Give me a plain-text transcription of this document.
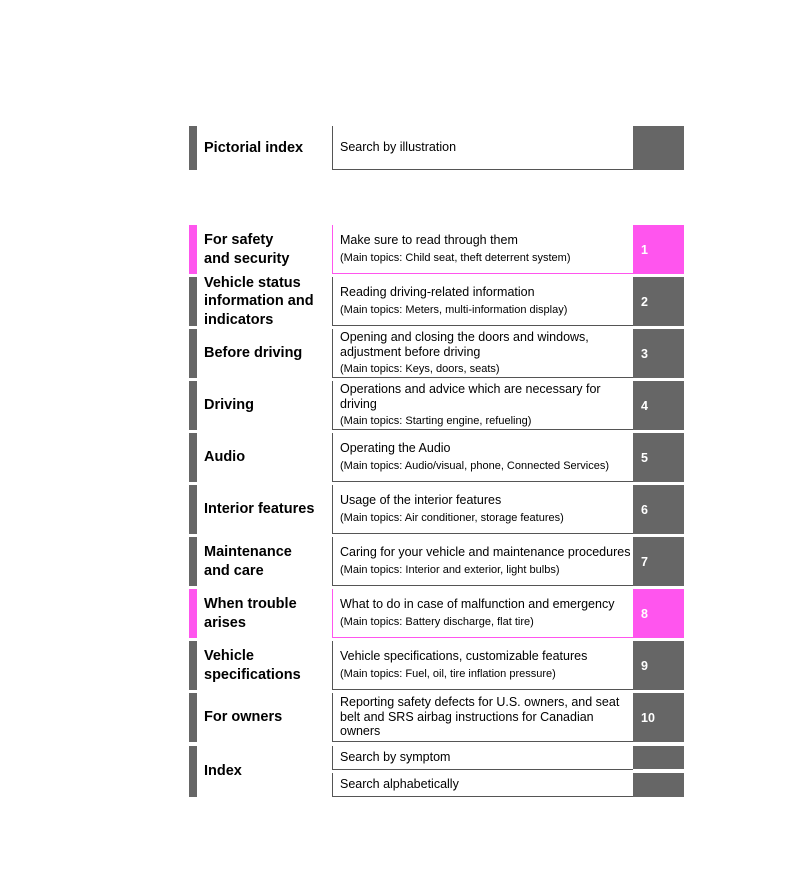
Pictorial index	Search by illustration
For safety
and security
Make sure to read through them
(Main topics: Child seat, theft deterrent system)
1
Vehicle status information and indicators
Reading driving-related information
(Main topics: Meters, multi-information display)
2
Before driving
Opening and closing the doors and windows, adjustment before driving
(Main topics: Keys, doors, seats)
3
Driving
Operations and advice which are necessary for driving
(Main topics: Starting engine, refueling)
4
Audio
Operating the Audio
(Main topics: Audio/visual, phone, Connected Services)
5
Interior features
Usage of the interior features
(Main topics: Air conditioner, storage features)
6
Maintenance
and care
Caring for your vehicle and maintenance procedures
(Main topics: Interior and exterior, light bulbs)
7
When trouble
arises
What to do in case of malfunction and emergency
(Main topics: Battery discharge, flat tire)
8
Vehicle
specifications
Vehicle specifications, customizable features
(Main topics: Fuel, oil, tire inflation pressure)
9
For owners
Reporting safety defects for U.S. owners, and seat belt and SRS airbag instructions for Canadian owners
10
Index
Search by symptom
Search alphabetically
